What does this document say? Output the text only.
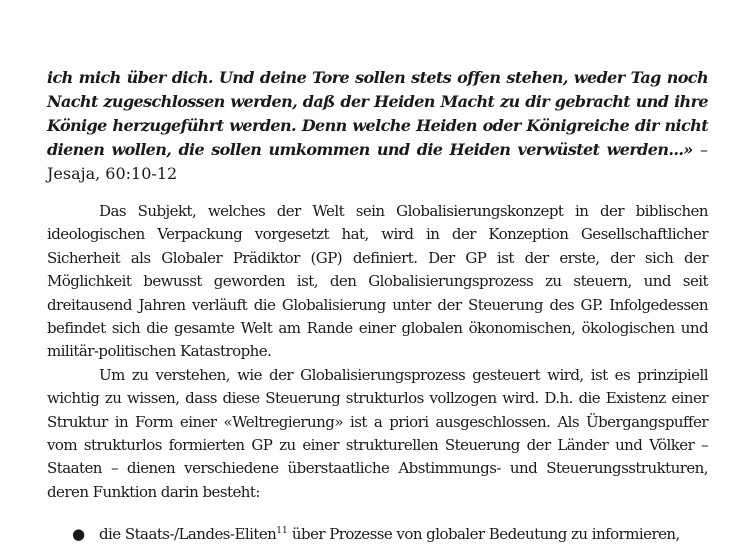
ich mich über dich. Und deine Tore sollen stets offen stehen, weder Tag noch Nacht zugeschlossen werden, daß der Heiden Macht zu dir gebracht und ihre Könige herzugeführt werden. Denn welche Heiden oder Königreiche dir nicht dienen wollen, die sollen umkommen und die Heiden verwüstet werden...» – Jesaja, 60:10-12

Das Subjekt, welches der Welt sein Globalisierungskonzept in der biblischen ideologischen Verpackung vorgesetzt hat, wird in der Konzeption Gesellschaftlicher Sicherheit als Globaler Prädiktor (GP) definiert. Der GP ist der erste, der sich der Möglichkeit bewusst geworden ist, den Globalisierungsprozess zu steuern, und seit dreitausend Jahren verläuft die Globalisierung unter der Steuerung des GP. Infolgedessen befindet sich die gesamte Welt am Rande einer globalen ökonomischen, ökologischen und militär-politischen Katastrophe.

Um zu verstehen, wie der Globalisierungsprozess gesteuert wird, ist es prinzipiell wichtig zu wissen, dass diese Steuerung strukturlos vollzogen wird. D.h. die Existenz einer Struktur in Form einer «Weltregierung» ist a priori ausgeschlossen. Als Übergangspuffer vom strukturlos formierten GP zu einer strukturellen Steuerung der Länder und Völker – Staaten – dienen verschiedene überstaatliche Abstimmungs- und Steuerungsstrukturen, deren Funktion darin besteht:

● die Staats-/Landes-Eliten$^{11}$ über Prozesse von globaler Bedeutung zu informieren,
